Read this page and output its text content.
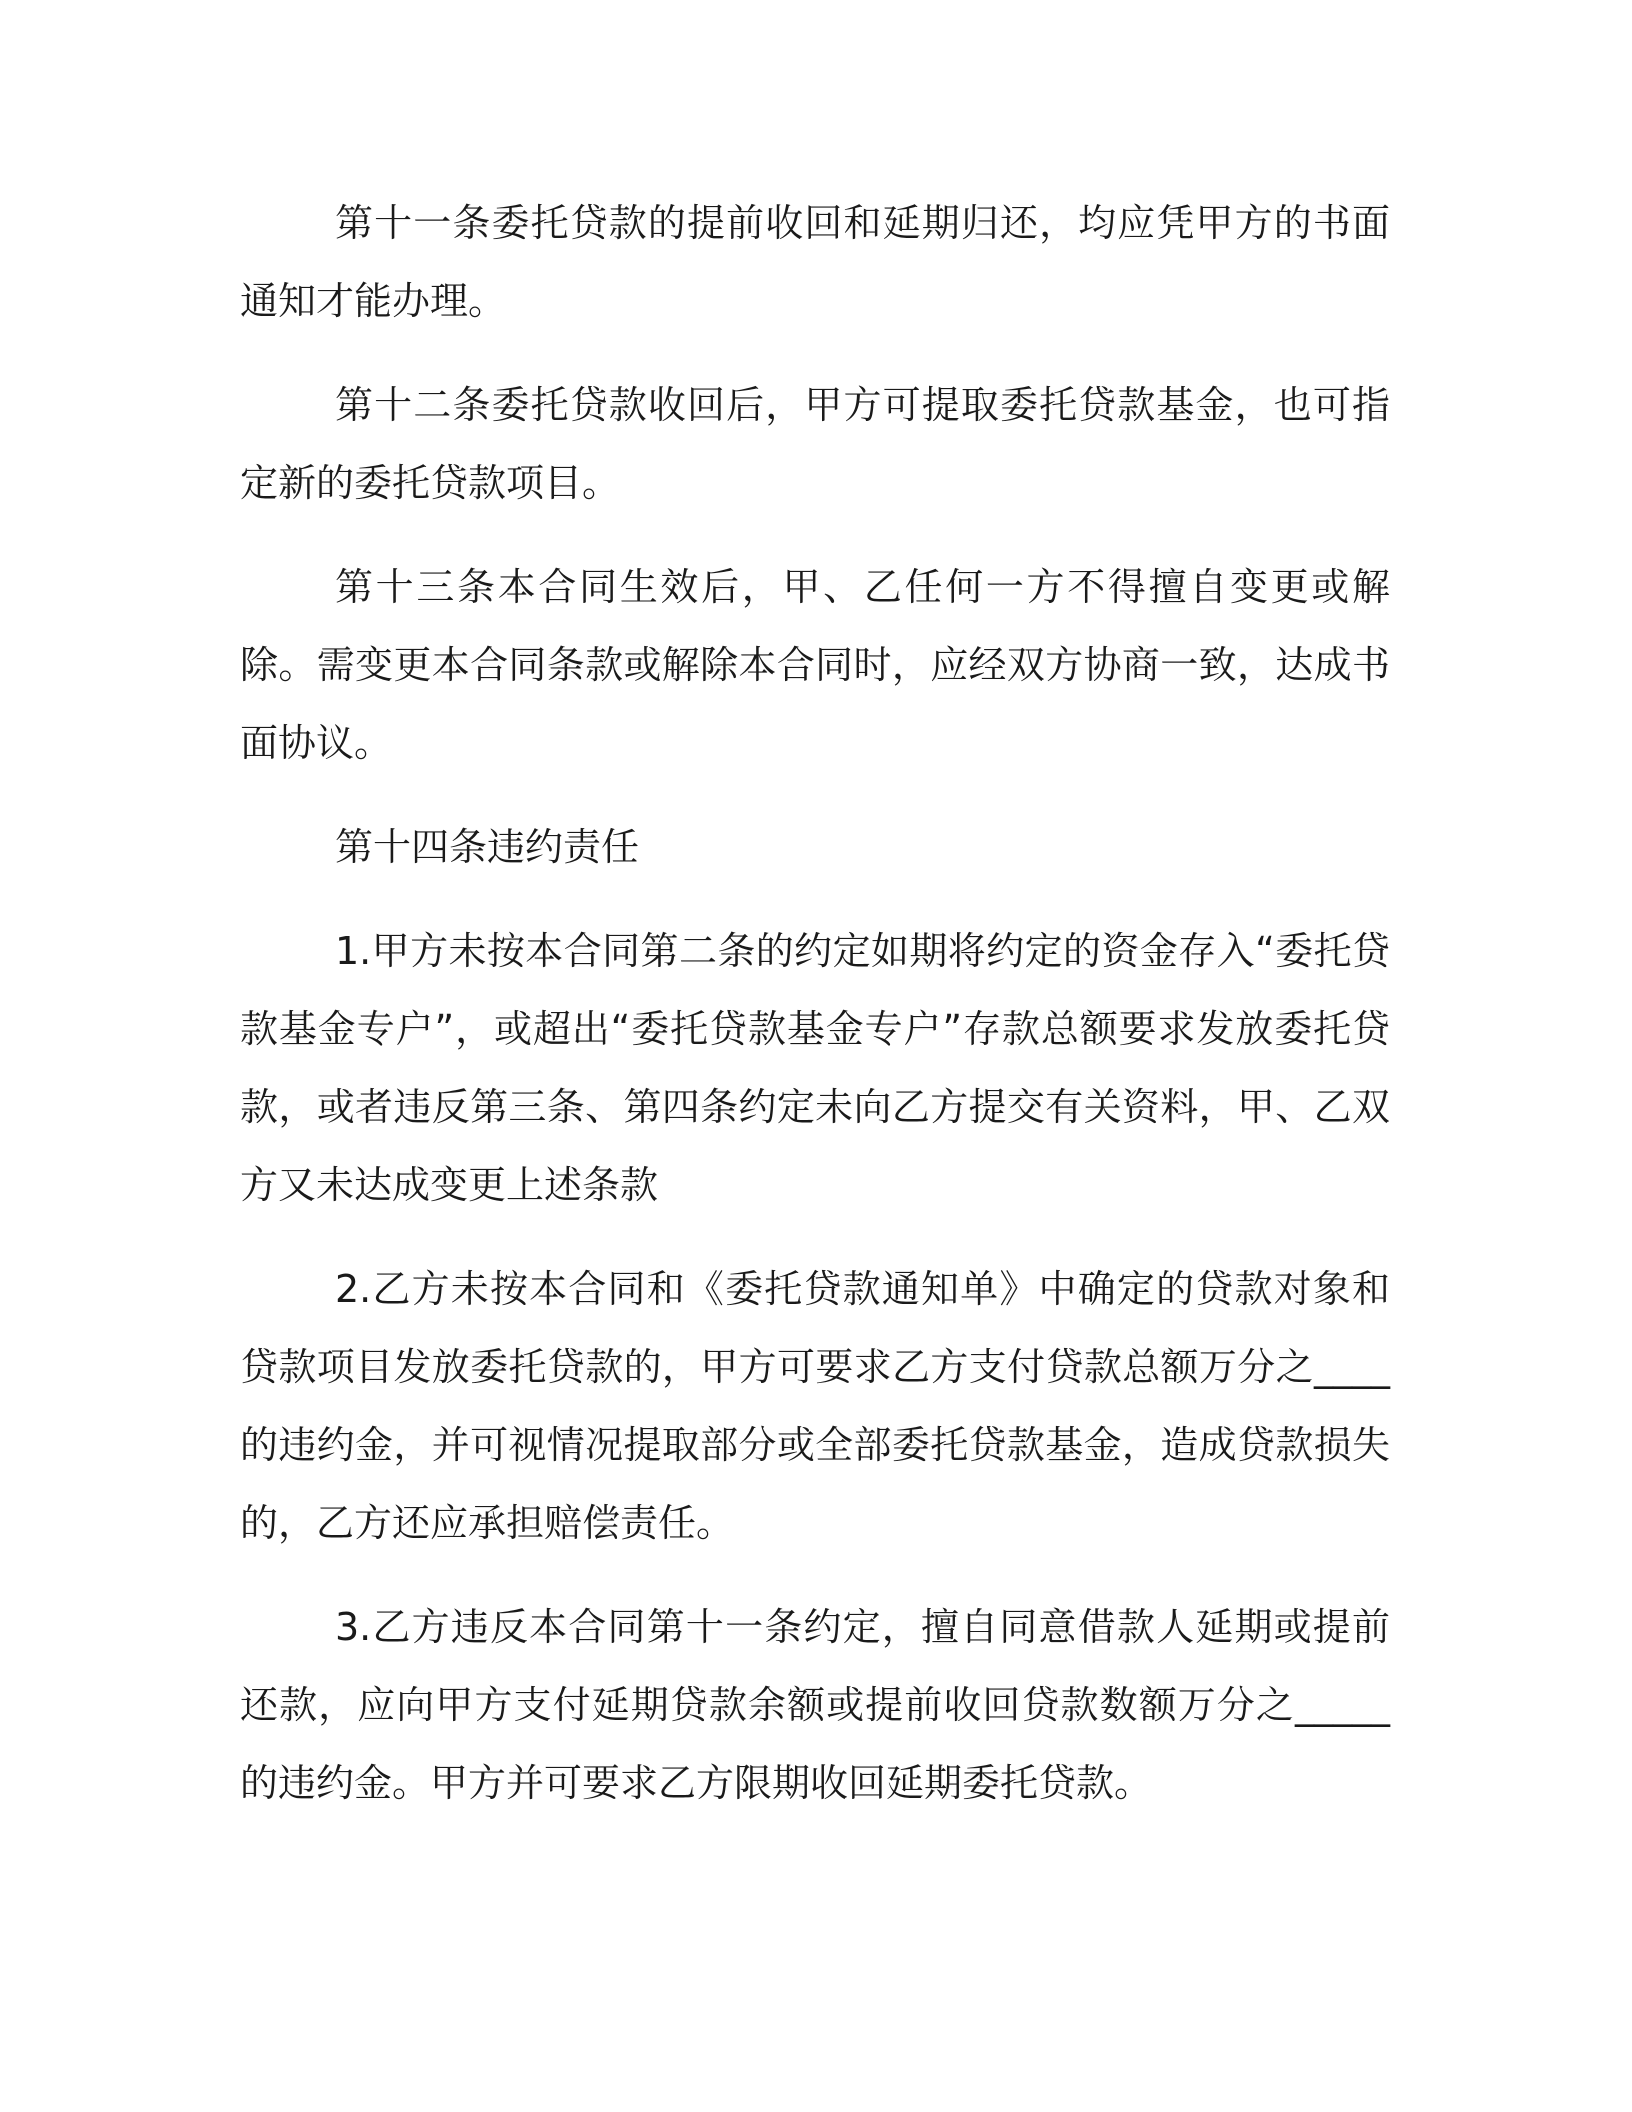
第十一条委托贷款的提前收回和延期归还，均应凭甲方的书面通知才能办理。

第十二条委托贷款收回后，甲方可提取委托贷款基金，也可指定新的委托贷款项目。

第十三条本合同生效后，甲、乙任何一方不得擅自变更或解除。需变更本合同条款或解除本合同时，应经双方协商一致，达成书面协议。

第十四条违约责任

1.甲方未按本合同第二条的约定如期将约定的资金存入“委托贷款基金专户”，或超出“委托贷款基金专户”存款总额要求发放委托贷款，或者违反第三条、第四条约定未向乙方提交有关资料，甲、乙双方又未达成变更上述条款

2.乙方未按本合同和《委托贷款通知单》中确定的贷款对象和贷款项目发放委托贷款的，甲方可要求乙方支付贷款总额万分之____的违约金，并可视情况提取部分或全部委托贷款基金，造成贷款损失的，乙方还应承担赔偿责任。

3.乙方违反本合同第十一条约定，擅自同意借款人延期或提前还款，应向甲方支付延期贷款余额或提前收回贷款数额万分之_____的违约金。甲方并可要求乙方限期收回延期委托贷款。
